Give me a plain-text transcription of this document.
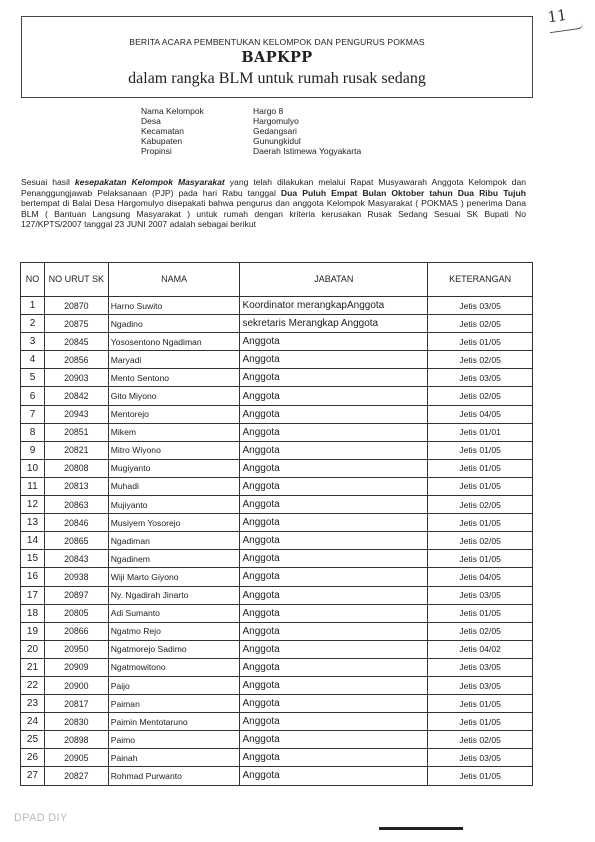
11
BERITA ACARA PEMBENTUKAN KELOMPOK DAN PENGURUS POKMAS
BAPKPP
dalam rangka BLM untuk rumah rusak sedang
Nama Kelompok	Hargo 8
Desa	Hargomulyo
Kecamatan	Gedangsari
Kabupaten	Gunungkidul
Propinsi	Daerah Istimewa Yogyakarta
Sesuai hasil kesepakatan Kelompok Masyarakat yang telah dilakukan melalui Rapat Musyawarah Anggota Kelompok dan Penanggungjawab Pelaksanaan (PJP) pada hari Rabu tanggal Dua Puluh Empat Bulan Oktober tahun Dua Ribu Tujuh bertempat di Balai Desa Hargomulyo disepakati bahwa pengurus dan anggota Kelompok Masyarakat ( POKMAS ) penerima Dana BLM ( Bantuan Langsung Masyarakat ) untuk rumah dengan kriteria kerusakan Rusak Sedang Sesuai SK Bupati No 127/KPTS/2007 tanggal 23 JUNI 2007 adalah sebagai berikut
NO	NO URUT SK	NAMA	JABATAN	KETERANGAN
1	20870	Harno Suwito	Koordinator merangkapAnggota	Jetis 03/05
2	20875	Ngadino	sekretaris Merangkap Anggota	Jetis 02/05
3	20845	Yososentono Ngadiman	Anggota	Jetis 01/05
4	20856	Maryadi	Anggota	Jetis 02/05
5	20903	Mento Sentono	Anggota	Jetis 03/05
6	20842	Gito Miyono	Anggota	Jetis 02/05
7	20943	Mentorejo	Anggota	Jetis 04/05
8	20851	Mikem	Anggota	Jetis 01/01
9	20821	Mitro Wiyono	Anggota	Jetis 01/05
10	20808	Mugiyanto	Anggota	Jetis 01/05
11	20813	Muhadi	Anggota	Jetis 01/05
12	20863	Mujiyanto	Anggota	Jetis 02/05
13	20846	Musiyem Yosorejo	Anggota	Jetis 01/05
14	20865	Ngadiman	Anggota	Jetis 02/05
15	20843	Ngadinem	Anggota	Jetis 01/05
16	20938	Wiji Marto Giyono	Anggota	Jetis 04/05
17	20897	Ny. Ngadirah Jinarto	Anggota	Jetis 03/05
18	20805	Adi Sumanto	Anggota	Jetis 01/05
19	20866	Ngatmo Rejo	Anggota	Jetis 02/05
20	20950	Ngatmorejo Sadimo	Anggota	Jetis 04/02
21	20909	Ngatmowitono	Anggota	Jetis 03/05
22	20900	Paijo	Anggota	Jetis 03/05
23	20817	Paiman	Anggota	Jetis 01/05
24	20830	Paimin Mentotaruno	Anggota	Jetis 01/05
25	20898	Paimo	Anggota	Jetis 02/05
26	20905	Painah	Anggota	Jetis 03/05
27	20827	Rohmad Purwanto	Anggota	Jetis 01/05
DPAD DIY
